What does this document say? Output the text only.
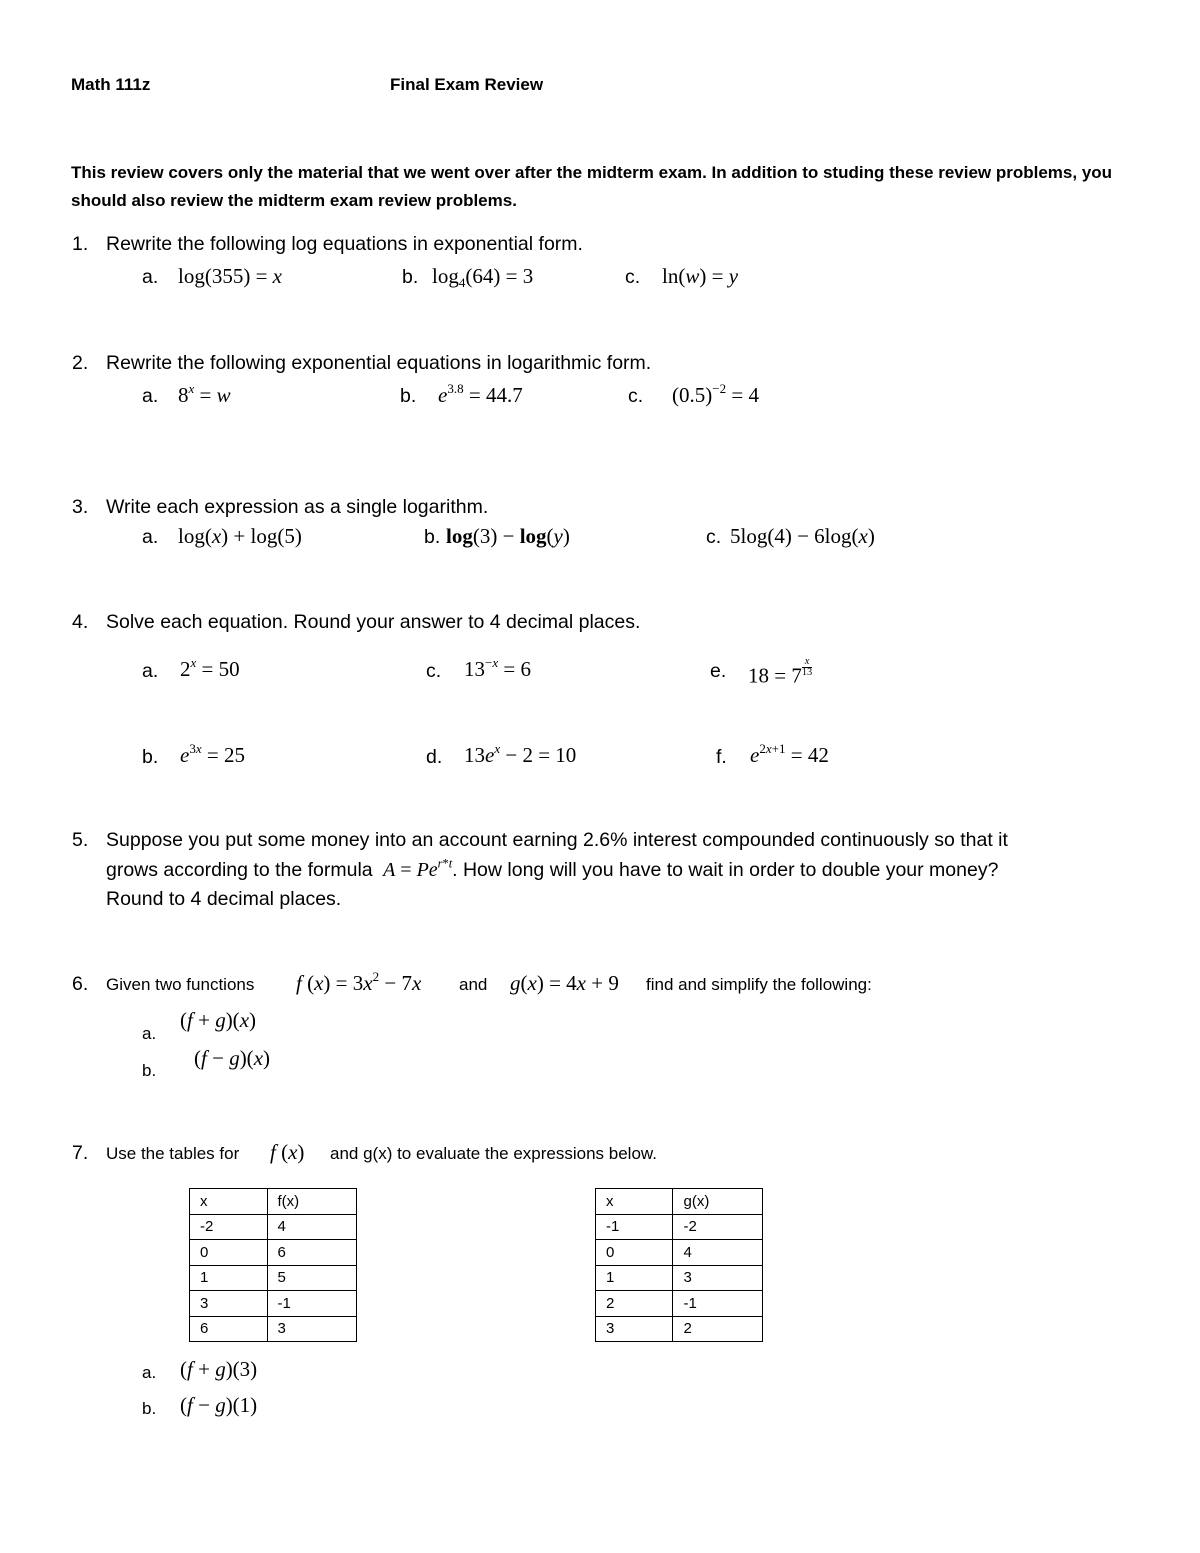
Math 111z	Final Exam Review
This review covers only the material that we went over after the midterm exam. In addition to studing these review problems, you should also review the midterm exam review problems.
1. Rewrite the following log equations in exponential form.
a. log(355) = x	b. $\log_4(64) = 3$	c. ln(w) = y
2. Rewrite the following exponential equations in logarithmic form.
a. $8^x = w$	b. $e^{3.8} = 44.7$	c. $(0.5)^{-2} = 4$
3. Write each expression as a single logarithm.
a. log(x) + log(5)	b. log(3) − log(y)	c. 5log(4) − 6log(x)
4. Solve each equation. Round your answer to 4 decimal places.
a. $2^x = 50$	c. $13^{-x} = 6$	e. $18 = 7 \frac{x}{13}$
b. $e^{3x} = 25$	d. $13e^x - 2 = 10$	f. $e^{2x+1} = 42$
5. Suppose you put some money into an account earning 2.6% interest compounded continuously so that it
grows according to the formula $A = Pe^{r*t}$. How long will you have to wait in order to double your money?
Round to 4 decimal places.
6. Given two functions f $(x) = 3x^2 - 7x$ and g(x) = 4x + 9 find and simplify the following:
a.
(f + g)(x)
b.
(f − g)(x)
7. Use the tables for f (x) and g(x) to evaluate the expressions below.
x	f(x)
-2	4
0	6
1	5
3	-1
6	3
x	g(x)
-1	-2
0	4
1	3
2	-1
3	2
a. (f + g)(3)
b. (f − g)(1)
